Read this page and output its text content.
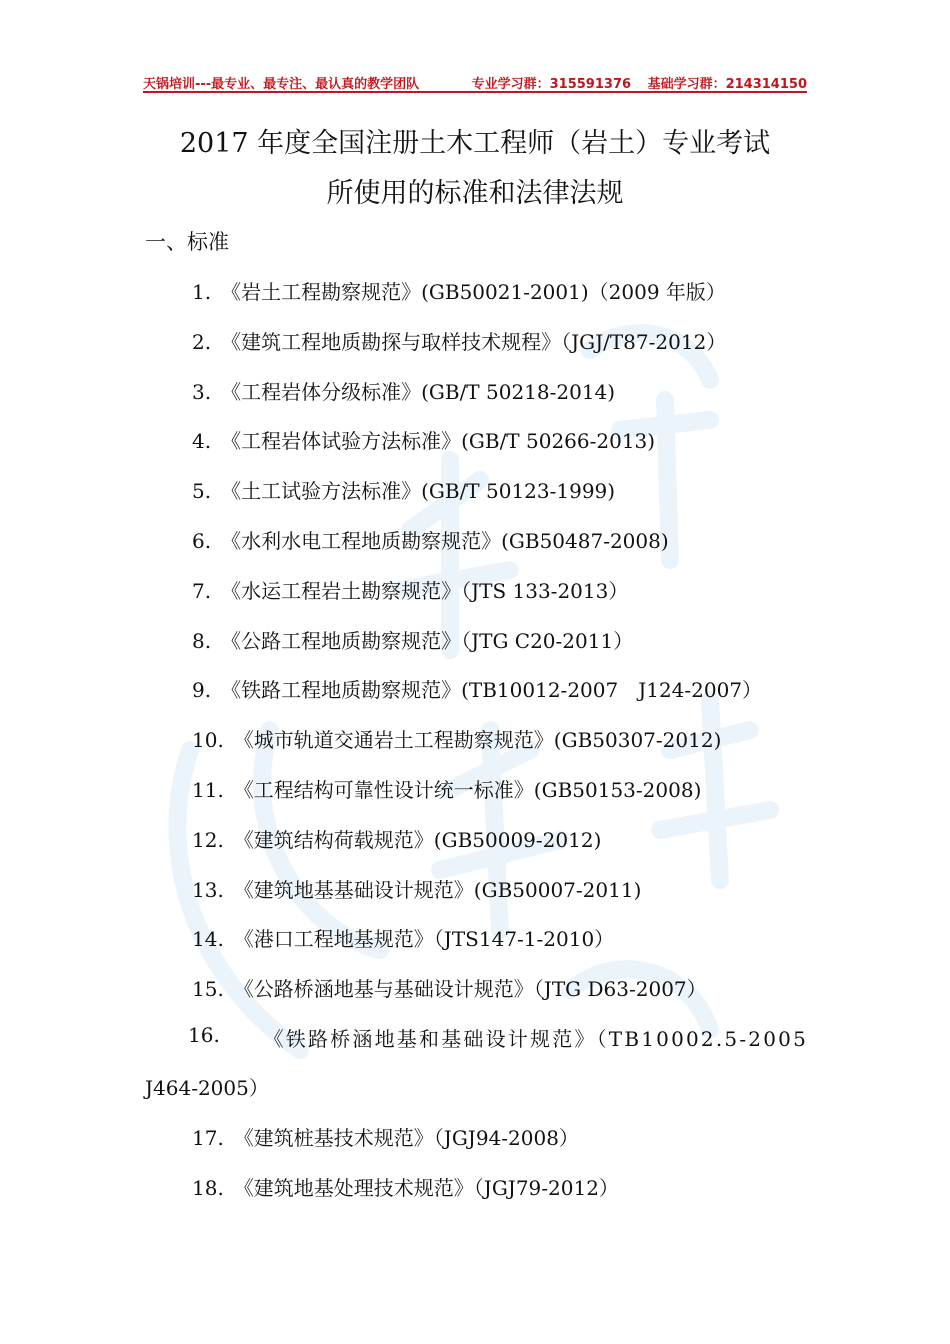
天锅培训---最专业、最专注、最认真的教学团队	专业学习群：315591376 基础学习群：214314150
2017 年度全国注册土木工程师（岩土）专业考试
所使用的标准和法律法规
一、标准
1. 《岩土工程勘察规范》(GB50021-2001)（2009 年版）
2. 《建筑工程地质勘探与取样技术规程》（JGJ/T87-2012）
3. 《工程岩体分级标准》(GB/T 50218-2014)
4. 《工程岩体试验方法标准》(GB/T 50266-2013)
5. 《土工试验方法标准》(GB/T 50123-1999)
6. 《水利水电工程地质勘察规范》(GB50487-2008)
7. 《水运工程岩土勘察规范》（JTS 133-2013）
8. 《公路工程地质勘察规范》（JTG C20-2011）
9. 《铁路工程地质勘察规范》(TB10012-2007　J124-2007）
10. 《城市轨道交通岩土工程勘察规范》(GB50307-2012)
11. 《工程结构可靠性设计统一标准》(GB50153-2008)
12. 《建筑结构荷载规范》(GB50009-2012)
13. 《建筑地基基础设计规范》(GB50007-2011)
14. 《港口工程地基规范》（JTS147-1-2010）
15. 《公路桥涵地基与基础设计规范》（JTG D63-2007）
16. 《铁路桥涵地基和基础设计规范》（TB10002.5-2005
J464-2005）
17. 《建筑桩基技术规范》（JGJ94-2008）
18. 《建筑地基处理技术规范》（JGJ79-2012）
